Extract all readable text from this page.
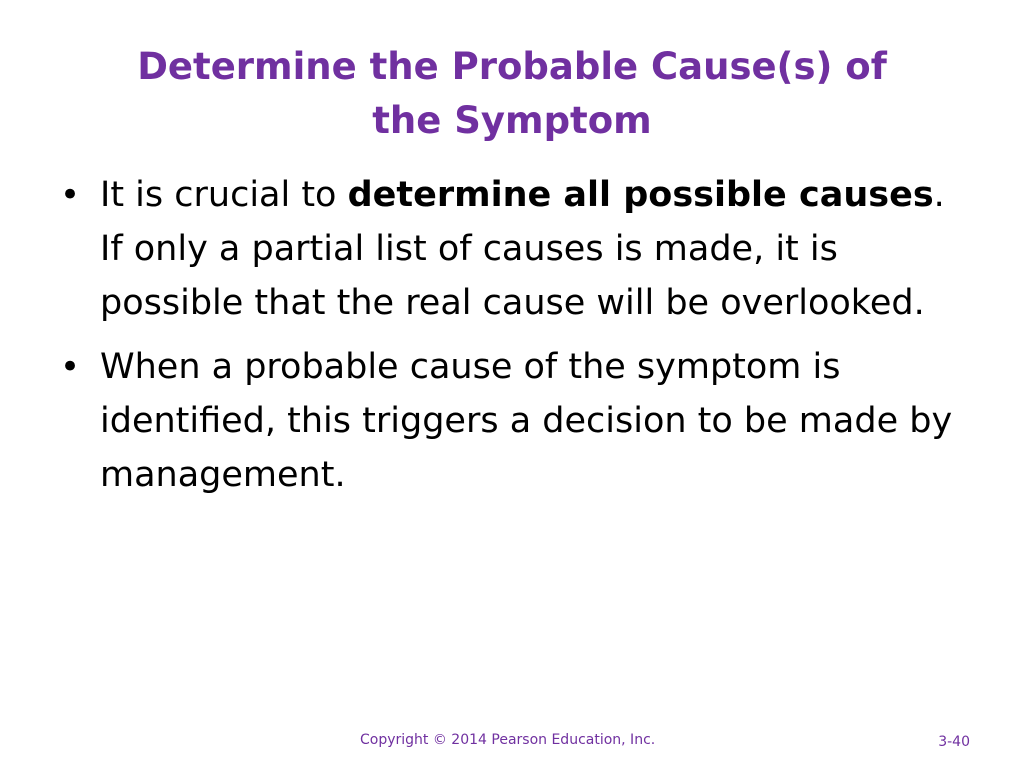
Determine the Probable Cause(s) of the Symptom
• It is crucial to determine all possible causes. If only a partial list of causes is made, it is possible that the real cause will be overlooked.
• When a probable cause of the symptom is identified, this triggers a decision to be made by management.
Copyright © 2014 Pearson Education, Inc.	3-40
